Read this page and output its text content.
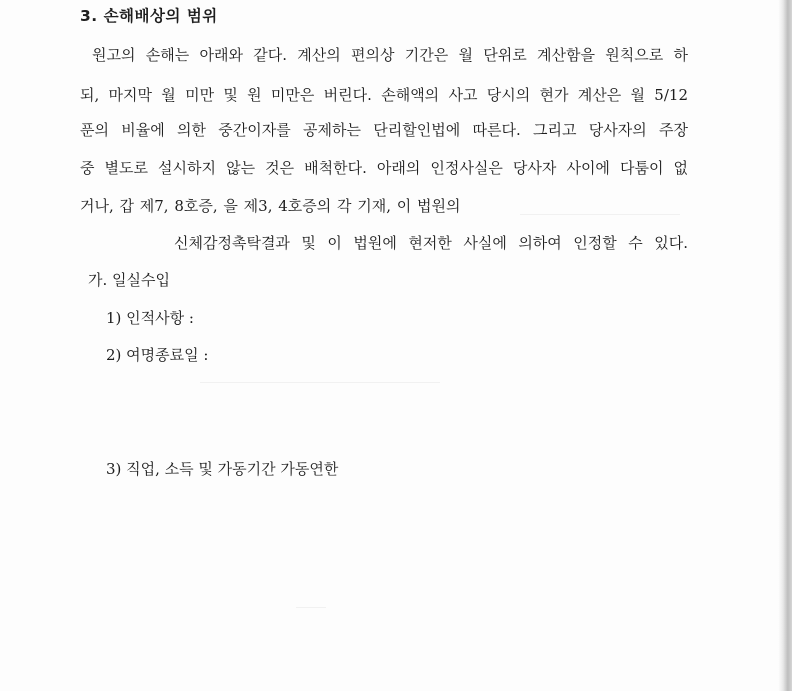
3. 손해배상의 범위
원고의 손해는 아래와 같다. 계산의 편의상 기간은 월 단위로 계산함을 원칙으로 하
되, 마지막 월 미만 및 원 미만은 버린다. 손해액의 사고 당시의 현가 계산은 월 5/12
푼의 비율에 의한 중간이자를 공제하는 단리할인법에 따른다. 그리고 당사자의 주장
중 별도로 설시하지 않는 것은 배척한다. 아래의 인정사실은 당사자 사이에 다툼이 없
거나, 갑 제7, 8호증, 을 제3, 4호증의 각 기재, 이 법원의
신체감정촉탁결과 및 이 법원에 현저한 사실에 의하여 인정할 수 있다.
가. 일실수입
1) 인적사항 :
2) 여명종료일 :
3) 직업, 소득 및 가동기간 가동연한
